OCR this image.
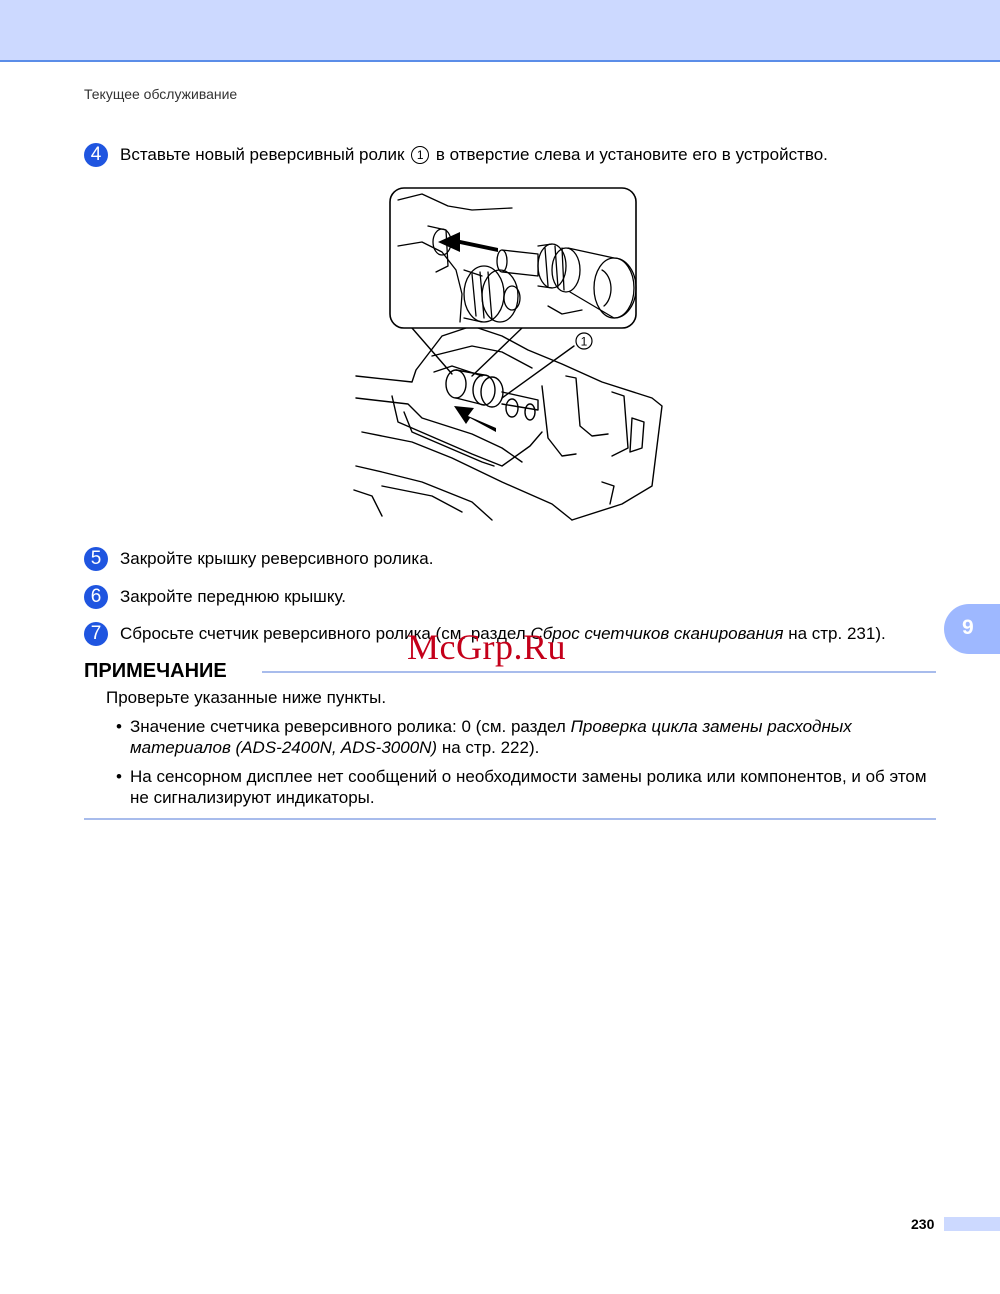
Текущее обслуживание
4	Вставьте новый реверсивный ролик 1 в отверстие слева и установите его в устройство.
1
5	Закройте крышку реверсивного ролика.
6	Закройте переднюю крышку.
7	Сбросьте счетчик реверсивного ролика (см. раздел Сброс счетчиков сканирования на стр. 231).	9
McGrp.Ru
ПРИМЕЧАНИЕ
Проверьте указанные ниже пункты.
• Значение счетчика реверсивного ролика: 0 (см. раздел Проверка цикла замены расходных материалов (ADS-2400N, ADS-3000N) на стр. 222).
• На сенсорном дисплее нет сообщений о необходимости замены ролика или компонентов, и об этом не сигнализируют индикаторы.
230
